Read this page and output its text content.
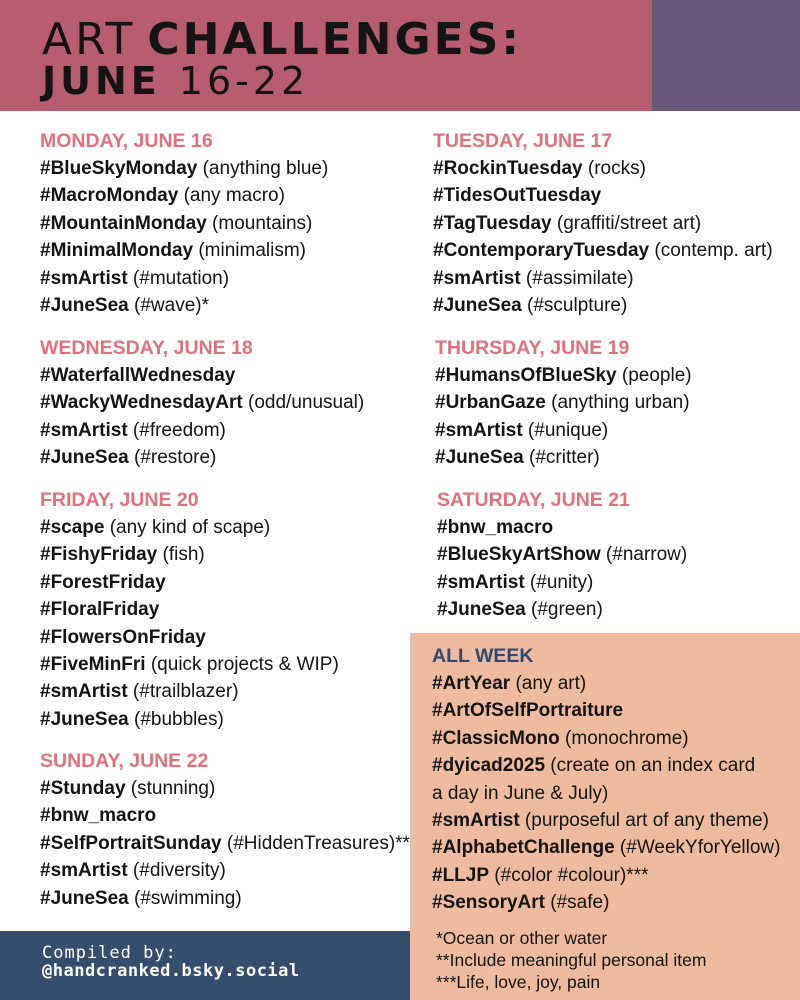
ART CHALLENGES:
JUNE 16-22
MONDAY, JUNE 16
#BlueSkyMonday (anything blue)
#MacroMonday (any macro)
#MountainMonday (mountains)
#MinimalMonday (minimalism)
#smArtist (#mutation)
#JuneSea (#wave)*
TUESDAY, JUNE 17
#RockinTuesday (rocks)
#TidesOutTuesday
#TagTuesday (graffiti/street art)
#ContemporaryTuesday (contemp. art)
#smArtist (#assimilate)
#JuneSea (#sculpture)
WEDNESDAY, JUNE 18
#WaterfallWednesday
#WackyWednesdayArt (odd/unusual)
#smArtist (#freedom)
#JuneSea (#restore)
THURSDAY, JUNE 19
#HumansOfBlueSky (people)
#UrbanGaze (anything urban)
#smArtist (#unique)
#JuneSea (#critter)
FRIDAY, JUNE 20
#scape (any kind of scape)
#FishyFriday (fish)
#ForestFriday
#FloralFriday
#FlowersOnFriday
#FiveMinFri (quick projects & WIP)
#smArtist (#trailblazer)
#JuneSea (#bubbles)
SATURDAY, JUNE 21
#bnw_macro
#BlueSkyArtShow (#narrow)
#smArtist (#unity)
#JuneSea (#green)
SUNDAY, JUNE 22
#Stunday (stunning)
#bnw_macro
#SelfPortraitSunday (#HiddenTreasures)**
#smArtist (#diversity)
#JuneSea (#swimming)
ALL WEEK
#ArtYear (any art)
#ArtOfSelfPortraiture
#ClassicMono (monochrome)
#dyicad2025 (create on an index card
a day in June & July)
#smArtist (purposeful art of any theme)
#AlphabetChallenge (#WeekYforYellow)
#LLJP (#color #colour)***
#SensoryArt (#safe)
*Ocean or other water
**Include meaningful personal item
***Life, love, joy, pain
Compiled by:
@handcranked.bsky.social
